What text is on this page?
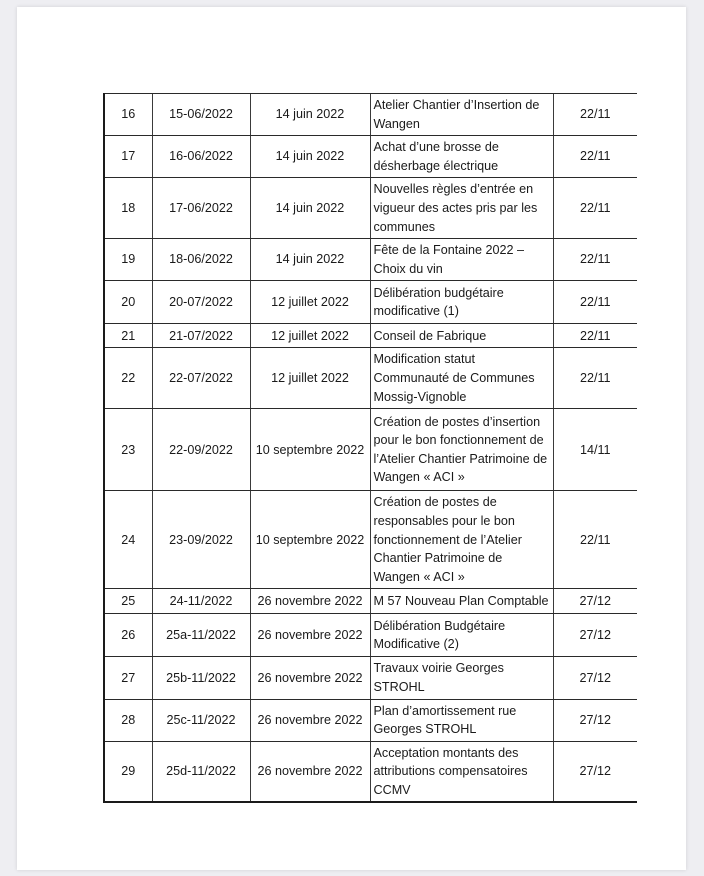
16	15-06/2022	14 juin 2022	Atelier Chantier d’Insertion de Wangen	22/11
17	16-06/2022	14 juin 2022	Achat d’une brosse de désherbage électrique	22/11
18	17-06/2022	14 juin 2022	Nouvelles règles d’entrée en vigueur des actes pris par les communes	22/11
19	18-06/2022	14 juin 2022	Fête de la Fontaine 2022 – Choix du vin	22/11
20	20-07/2022	12 juillet 2022	Délibération budgétaire modificative (1)	22/11
21	21-07/2022	12 juillet 2022	Conseil de Fabrique	22/11
22	22-07/2022	12 juillet 2022	Modification statut Communauté de Communes Mossig-Vignoble	22/11
23	22-09/2022	10 septembre 2022	Création de postes d’insertion pour le bon fonctionnement de l’Atelier Chantier Patrimoine de Wangen « ACI »	14/11
24	23-09/2022	10 septembre 2022	Création de postes de responsables pour le bon fonctionnement de l’Atelier Chantier Patrimoine de Wangen « ACI »	22/11
25	24-11/2022	26 novembre 2022	M 57 Nouveau Plan Comptable	27/12
26	25a-11/2022	26 novembre 2022	Délibération Budgétaire Modificative (2)	27/12
27	25b-11/2022	26 novembre 2022	Travaux voirie Georges STROHL	27/12
28	25c-11/2022	26 novembre 2022	Plan d’amortissement rue Georges STROHL	27/12
29	25d-11/2022	26 novembre 2022	Acceptation montants des attributions compensatoires CCMV	27/12
